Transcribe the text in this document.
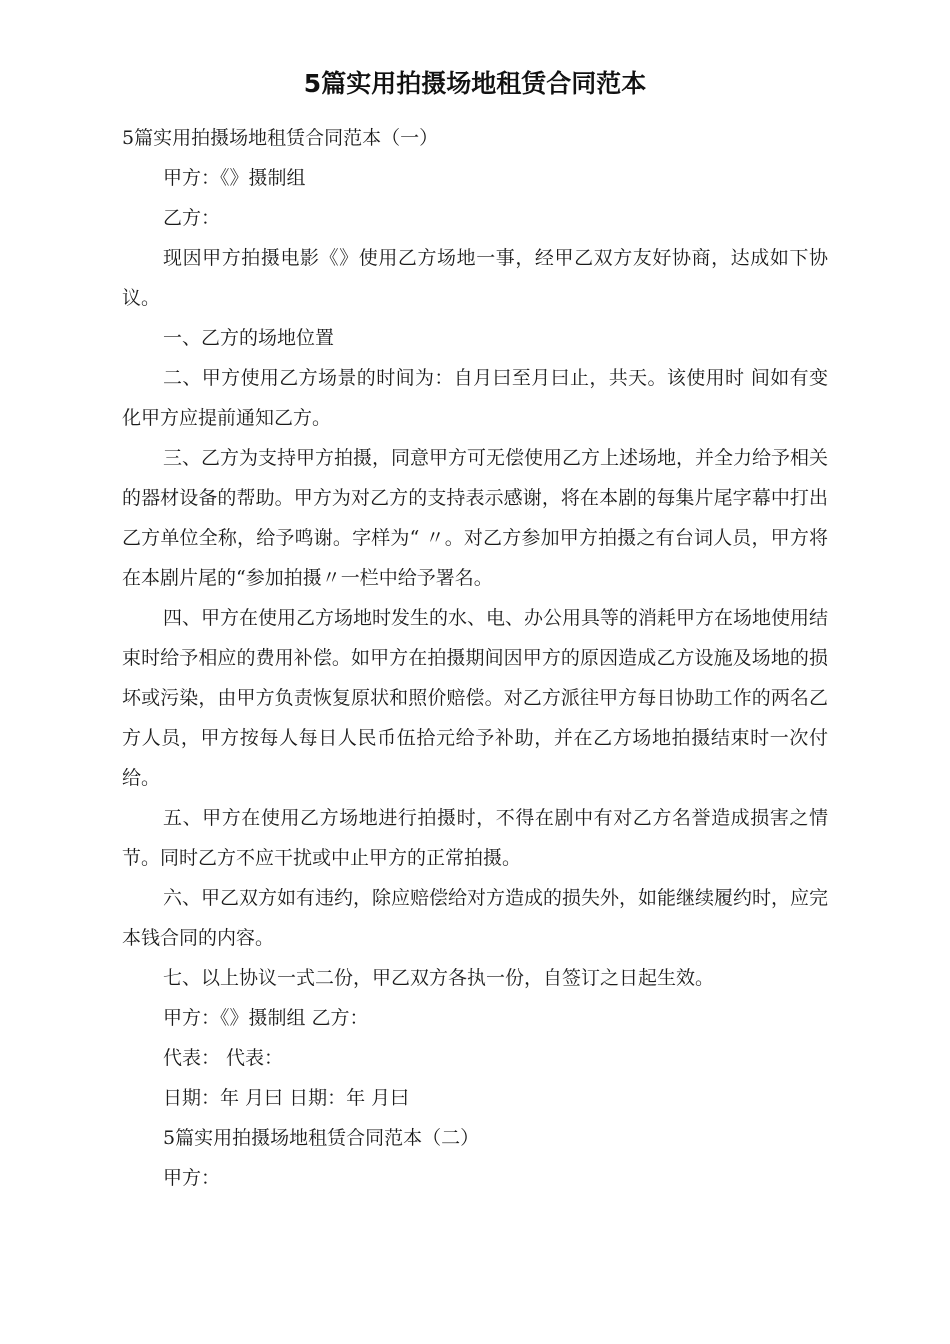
5篇实用拍摄场地租赁合同范本

5篇实用拍摄场地租赁合同范本（一）

甲方：《》摄制组

乙方：

现因甲方拍摄电影《》使用乙方场地一事，经甲乙双方友好协商，达成如下协议。

一、乙方的场地位置

二、甲方使用乙方场景的时间为：自月曰至月曰止，共天。该使用时 间如有变化甲方应提前通知乙方。

三、乙方为支持甲方拍摄，同意甲方可无偿使用乙方上述场地，并全力给予相关的器材设备的帮助。甲方为对乙方的支持表示感谢，将在本剧的每集片尾字幕中打出乙方单位全称，给予鸣谢。字样为“ 〃。对乙方参加甲方拍摄之有台词人员，甲方将在本剧片尾的“参加拍摄〃一栏中给予署名。

四、甲方在使用乙方场地时发生的水、电、办公用具等的消耗甲方在场地使用结束时给予相应的费用补偿。如甲方在拍摄期间因甲方的原因造成乙方设施及场地的损坏或污染，由甲方负责恢复原状和照价赔偿。对乙方派往甲方每日协助工作的两名乙方人员，甲方按每人每日人民币伍拾元给予补助，并在乙方场地拍摄结束时一次付给。

五、甲方在使用乙方场地进行拍摄时，不得在剧中有对乙方名誉造成损害之情节。同时乙方不应干扰或中止甲方的正常拍摄。

六、甲乙双方如有违约，除应赔偿给对方造成的损失外，如能继续履约时，应完本钱合同的内容。

七、以上协议一式二份，甲乙双方各执一份，自签订之日起生效。

甲方：《》摄制组 乙方：

代表： 代表：

日期：年 月曰 日期：年 月曰

5篇实用拍摄场地租赁合同范本（二）

甲方：
